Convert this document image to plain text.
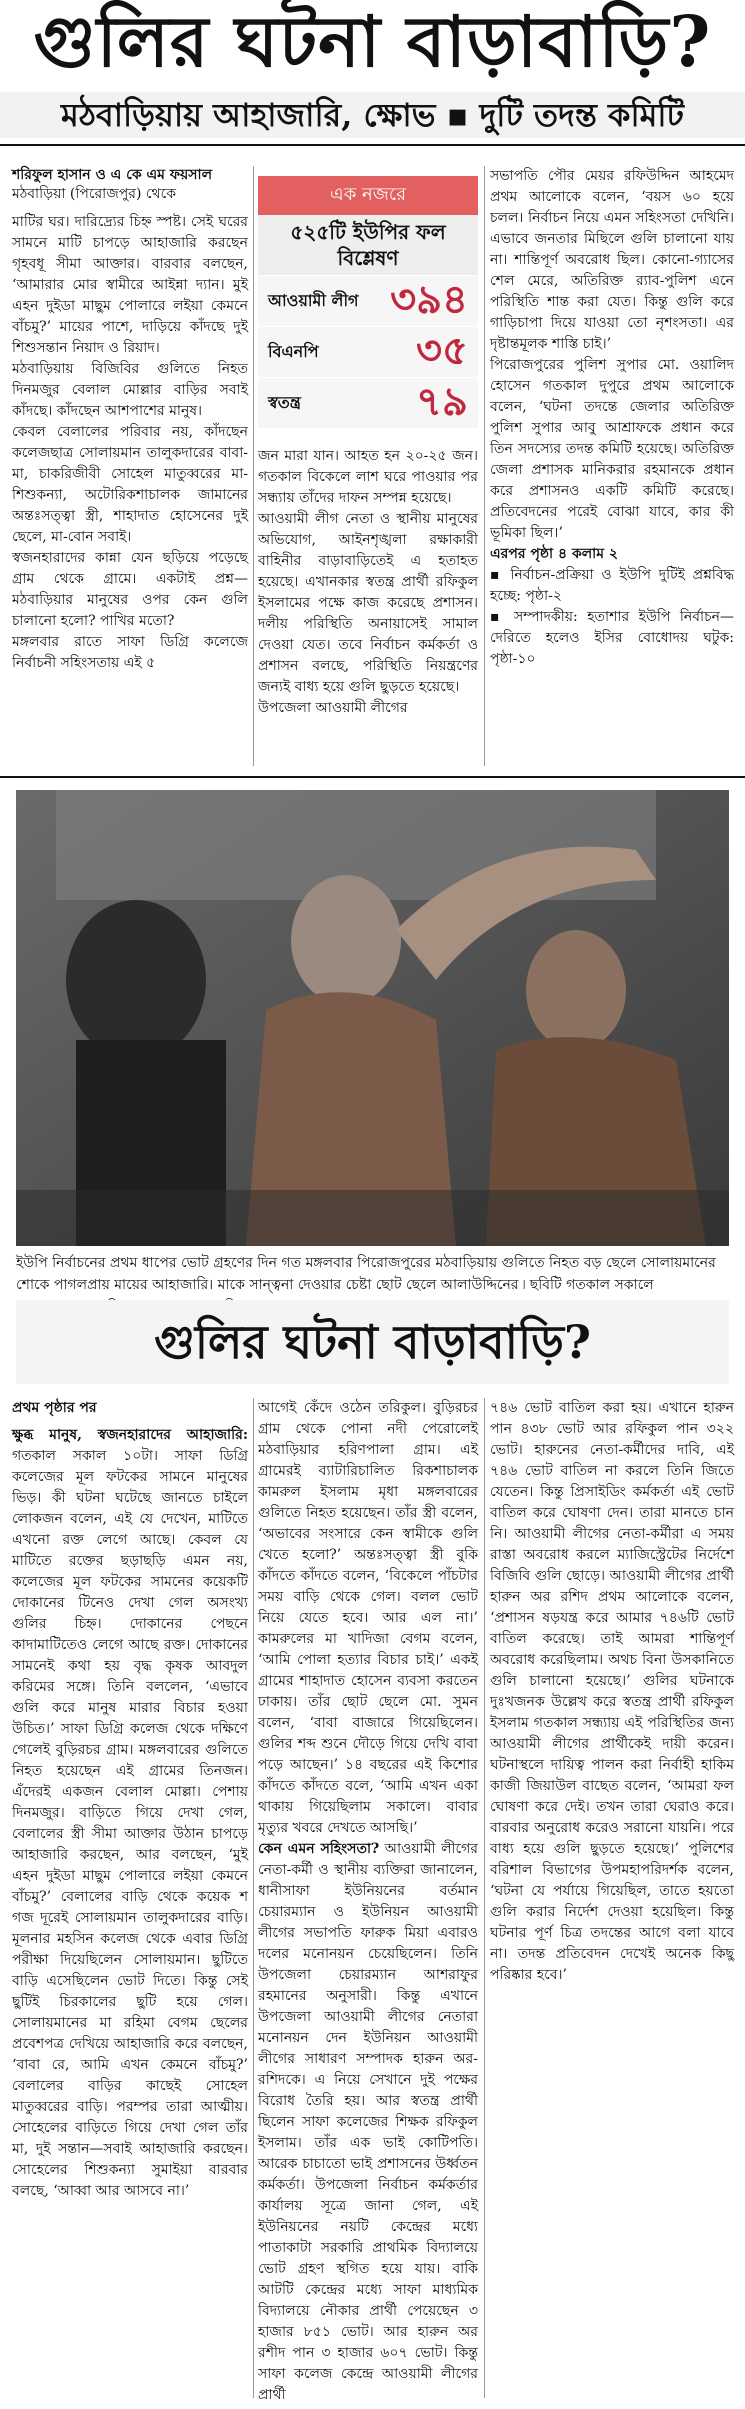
গুলির ঘটনা বাড়াবাড়ি?
মঠবাড়িয়ায় আহাজারি, ক্ষোভ ▪ দুটি তদন্ত কমিটি
শরিফুল হাসান ও এ কে এম ফয়সাল
মঠবাড়িয়া (পিরোজপুর) থেকে

মাটির ঘর। দারিদ্র্যের চিহ্ন স্পষ্ট। সেই ঘরের সামনে মাটি চাপড়ে আহাজারি করছেন গৃহবধূ সীমা আক্তার। বারবার বলছেন, ‘আমারার মোর স্বামীরে আইন্না দ্যান। মুই এহন দুইডা মাছুম পোলারে লইয়া কেমনে বাঁচমু?’ মায়ের পাশে, দাড়িয়ে কাঁদছে দুই শিশুসন্তান নিয়াদ ও রিয়াদ।

মঠবাড়িয়ায় বিজিবির গুলিতে নিহত দিনমজুর বেলাল মোল্লার বাড়ির সবাই কাঁদছে। কাঁদছেন আশপাশের মানুষ।

কেবল বেলালের পরিবার নয়, কাঁদছেন কলেজছাত্র সোলায়মান তালুকদারের বাবা-মা, চাকরিজীবী সোহেল মাতুব্বরের মা-শিশুকন্যা, অটোরিকশাচালক জামানের অন্তঃসত্ত্বা স্ত্রী, শাহাদাত হোসেনের দুই ছেলে, মা-বোন সবাই।

স্বজনহারাদের কান্না যেন ছড়িয়ে পড়েছে গ্রাম থেকে গ্রামে। একটাই প্রশ্ন—মঠবাড়িয়ার মানুষের ওপর কেন গুলি চালানো হলো? পাখির মতো?

মঙ্গলবার রাতে সাফা ডিগ্রি কলেজে নির্বাচনী সহিংসতায় এই ৫

এক নজরে
৫২৫টি ইউপির ফল বিশ্লেষণ
আওয়ামী লীগ ৩৯৪
বিএনপি ৩৫
স্বতন্ত্র	৭৯

জন মারা যান। আহত হন ২০-২৫ জন। গতকাল বিকেলে লাশ ঘরে পাওয়ার পর সন্ধ্যায় তাঁদের দাফন সম্পন্ন হয়েছে।

আওয়ামী লীগ নেতা ও স্থানীয় মানুষের অভিযোগ, আইনশৃঙ্খলা রক্ষাকারী বাহিনীর বাড়াবাড়িতেই এ হতাহত হয়েছে। এখানকার স্বতন্ত্র প্রার্থী রফিকুল ইসলামের পক্ষে কাজ করেছে প্রশাসন। দলীয় পরিস্থিতি অনায়াসেই সামাল দেওয়া যেত। তবে নির্বাচন কর্মকর্তা ও প্রশাসন বলছে, পরিস্থিতি নিয়ন্ত্রণের জন্যই বাধ্য হয়ে গুলি ছুড়তে হয়েছে।

উপজেলা আওয়ামী লীগের

সভাপতি পৌর মেয়র রফিউদ্দিন আহমেদ প্রথম আলোকে বলেন, ‘বয়স ৬০ হয়ে চলল। নির্বাচন নিয়ে এমন সহিংসতা দেখিনি। এভাবে জনতার মিছিলে গুলি চালানো যায় না। শান্তিপূর্ণ অবরোধ ছিল। কোনাে-গ্যাসের শেল মেরে, অতিরিক্ত র‍্যাব-পুলিশ এনে পরিস্থিতি শান্ত করা যেত। কিন্তু গুলি করে গাড়িচাপা দিয়ে যাওয়া তো নৃশংসতা। এর দৃষ্টান্তমূলক শাস্তি চাই।’

পিরোজপুরের পুলিশ সুপার মো. ওয়ালিদ হোসেন গতকাল দুপুরে প্রথম আলোকে বলেন, ‘ঘটনা তদন্তে জেলার অতিরিক্ত পুলিশ সুপার আবু আশ্রাফকে প্রধান করে তিন সদস্যের তদন্ত কমিটি হয়েছে। অতিরিক্ত জেলা প্রশাসক মানিকরার রহমানকে প্রধান করে প্রশাসনও একটি কমিটি করেছে। প্রতিবেদনের পরেই বোঝা যাবে, কার কী ভূমিকা ছিল।’

এরপর পৃষ্ঠা ৪ কলাম ২

▪ নির্বাচন-প্রক্রিয়া ও ইউপি দুটিই প্রশ্নবিদ্ধ হচ্ছে: পৃষ্ঠা-২

▪ সম্পাদকীয়: হতাশার ইউপি নির্বাচন—দেরিতে হলেও ইসির বোধোদয় ঘটুক: পৃষ্ঠা-১০

ইউপি নির্বাচনের প্রথম ধাপের ভোট গ্রহণের দিন গত মঙ্গলবার পিরোজপুরের মঠবাড়িয়ায় গুলিতে নিহত বড় ছেলে সোলায়মানের শোকে পাগলপ্রায় মায়ের আহাজারি। মাকে সান্ত্বনা দেওয়ার চেষ্টা ছোট ছেলে আলাউদ্দিনের ৷ ছবিটি গতকাল সকালে
গুলির ঘটনা বাড়াবাড়ি?

প্রথম পৃষ্ঠার পর

ক্ষুব্ধ মানুষ, স্বজনহারাদের আহাজারি: গতকাল সকাল ১০টা। সাফা ডিগ্রি কলেজের মূল ফটকের সামনে মানুষের ভিড়। কী ঘটনা ঘটেছে জানতে চাইলে লোকজন বলেন, এই যে দেখেন, মাটিতে এখনো রক্ত লেগে আছে। কেবল যে মাটিতে রক্তের ছড়াছড়ি এমন নয়, কলেজের মূল ফটকের সামনের কয়েকটি দোকানের টিনেও দেখা গেল অসংখ্য গুলির চিহ্ন। দোকানের পেছনে কাদামাটিতেও লেগে আছে রক্ত। দোকানের সামনেই কথা হয় বৃদ্ধ কৃষক আবদুল করিমের সঙ্গে। তিনি বললেন, ‘এভাবে গুলি করে মানুষ মারার বিচার হওয়া উচিত।’ সাফা ডিগ্রি কলেজ থেকে দক্ষিণে গেলেই বুড়িরচর গ্রাম। মঙ্গলবারের গুলিতে নিহত হয়েছেন এই গ্রামের তিনজন। এঁদেরই একজন বেলাল মোল্লা। পেশায় দিনমজুর। বাড়িতে গিয়ে দেখা গেল, বেলালের স্ত্রী সীমা আক্তার উঠান চাপড়ে আহাজারি করছেন, আর বলছেন, ‘মুই এহন দুইডা মাছুম পোলারে লইয়া কেমনে বাঁচমু?’ বেলালের বাড়ি থেকে কয়েক শ গজ দূরেই সোলায়মান তালুকদারের বাড়ি। মূলনার মহসিন কলেজ থেকে এবার ডিগ্রি পরীক্ষা দিয়েছিলেন সোলায়মান। ছুটিতে বাড়ি এসেছিলেন ভোট দিতে। কিন্তু সেই ছুটিই চিরকালের ছুটি হয়ে গেল। সোলায়মানের মা রহিমা বেগম ছেলের প্রবেশপত্র দেখিয়ে আহাজারি করে বলছেন, ‘বাবা রে, আমি এখন কেমনে বাঁচমু?’ বেলালের বাড়ির কাছেই সোহেল মাতুব্বরের বাড়ি। পরম্পর তারা আত্মীয়। সোহেলের বাড়িতে গিয়ে দেখা গেল তাঁর মা, দুই সন্তান—সবাই আহাজারি করছেন। সোহেলের শিশুকন্যা সুমাইয়া বারবার বলছে, ‘আব্বা আর আসবে না।’

আগেই কেঁদে ওঠেন তরিকুল। বুড়িরচর গ্রাম থেকে পোনা নদী পেরোলেই মঠবাড়িয়ার হরিণপালা গ্রাম। এই গ্রামেরই ব্যাটারিচালিত রিকশাচালক কামরুল ইসলাম মৃধা মঙ্গলবারের গুলিতে নিহত হয়েছেন। তাঁর স্ত্রী বলেন, ‘অভাবের সংসারে কেন স্বামীকে গুলি খেতে হলো?’ অন্তঃসত্ত্বা স্ত্রী বুকি কাঁদতে কাঁদতে বলেন, ‘বিকেলে পাঁচটার সময় বাড়ি থেকে গেল। বলল ভোট নিয়ে যেতে হবে। আর এল না।’ কামরুলের মা খাদিজা বেগম বলেন, ‘আমি পোলা হত্যার বিচার চাই।’ একই গ্রামের শাহাদাত হোসেন ব্যবসা করতেন ঢাকায়। তাঁর ছোট ছেলে মো. সুমন বলেন, ‘বাবা বাজারে গিয়েছিলেন। গুলির শব্দ শুনে দৌড়ে গিয়ে দেখি বাবা পড়ে আছেন।’ ১৪ বছরের এই কিশোর কাঁদতে কাঁদতে বলে, ‘আমি এখন একা থাকায় গিয়েছিলাম সকালে। বাবার মৃত্যুর খবরে দেখতে আসছি।’

কেন এমন সহিংসতা? আওয়ামী লীগের নেতা-কর্মী ও স্থানীয় ব্যক্তিরা জানালেন, ধানীসাফা ইউনিয়নের বর্তমান চেয়ারম্যান ও ইউনিয়ন আওয়ামী লীগের সভাপতি ফারুক মিয়া এবারও দলের মনোনয়ন চেয়েছিলেন। তিনি উপজেলা চেয়ারম্যান আশরাফুর রহমানের অনুসারী। কিন্তু এখানে উপজেলা আওয়ামী লীগের নেতারা মনোনয়ন দেন ইউনিয়ন আওয়ামী লীগের সাধারণ সম্পাদক হারুন অর-রশিদকে। এ নিয়ে সেখানে দুই পক্ষের বিরোধ তৈরি হয়। আর স্বতন্ত্র প্রার্থী ছিলেন সাফা কলেজের শিক্ষক রফিকুল ইসলাম। তাঁর এক ভাই কোটিপতি। আরেক চাচাতো ভাই প্রশাসনের উর্ধ্বতন কর্মকর্তা। উপজেলা নির্বাচন কর্মকর্তার কার্যালয় সূত্রে জানা গেল, এই ইউনিয়নের নয়টি কেন্দ্রের মধ্যে পাতাকাটা সরকারি প্রাথমিক বিদ্যালয়ে ভোট গ্রহণ স্থগিত হয়ে যায়। বাকি আটটি কেন্দ্রের মধ্যে সাফা মাধ্যমিক বিদ্যালয়ে নৌকার প্রার্থী পেয়েছেন ৩ হাজার ৮৫১ ভোট। আর হারুন অর রশীদ পান ৩ হাজার ৬০৭ ভোট। কিন্তু সাফা কলেজ কেন্দ্রে আওয়ামী লীগের প্রার্থী

৭৪৬ ভোট বাতিল করা হয়। এখানে হারুন পান ৪৩৮ ভোট আর রফিকুল পান ৩২২ ভোট। হারুনের নেতা-কর্মীদের দাবি, এই ৭৪৬ ভোট বাতিল না করলে তিনি জিতে যেতেন। কিন্তু প্রিসাইডিং কর্মকর্তা এই ভোট বাতিল করে ঘোষণা দেন। তারা মানতে চান নি। আওয়ামী লীগের নেতা-কর্মীরা এ সময় রাস্তা অবরোধ করলে ম্যাজিস্ট্রেটের নির্দেশে বিজিবি গুলি ছোড়ে। আওয়ামী লীগের প্রার্থী হারুন অর রশিদ প্রথম আলোকে বলেন, ‘প্রশাসন ষড়যন্ত্র করে আমার ৭৪৬টি ভোট বাতিল করেছে। তাই আমরা শান্তিপূর্ণ অবরোধ করেছিলাম। অথচ বিনা উসকানিতে গুলি চালানো হয়েছে।’ গুলির ঘটনাকে দুঃখজনক উল্লেখ করে স্বতন্ত্র প্রার্থী রফিকুল ইসলাম গতকাল সন্ধ্যায় এই পরিস্থিতির জন্য আওয়ামী লীগের প্রার্থীকেই দায়ী করেন। ঘটনাস্থলে দায়িত্ব পালন করা নির্বাহী হাকিম কাজী জিয়াউল বাছেত বলেন, ‘আমরা ফল ঘোষণা করে দেই। তখন তারা ঘেরাও করে। বারবার অনুরোধ করেও সরানো যায়নি। পরে বাধ্য হয়ে গুলি ছুড়তে হয়েছে।’ পুলিশের বরিশাল বিভাগের উপমহাপরিদর্শক বলেন, ‘ঘটনা যে পর্যায়ে গিয়েছিল, তাতে হয়তো গুলি করার নির্দেশ দেওয়া হয়েছিল। কিন্তু ঘটনার পূর্ণ চিত্র তদন্তের আগে বলা যাবে না। তদন্ত প্রতিবেদন দেখেই অনেক কিছু পরিষ্কার হবে।’
